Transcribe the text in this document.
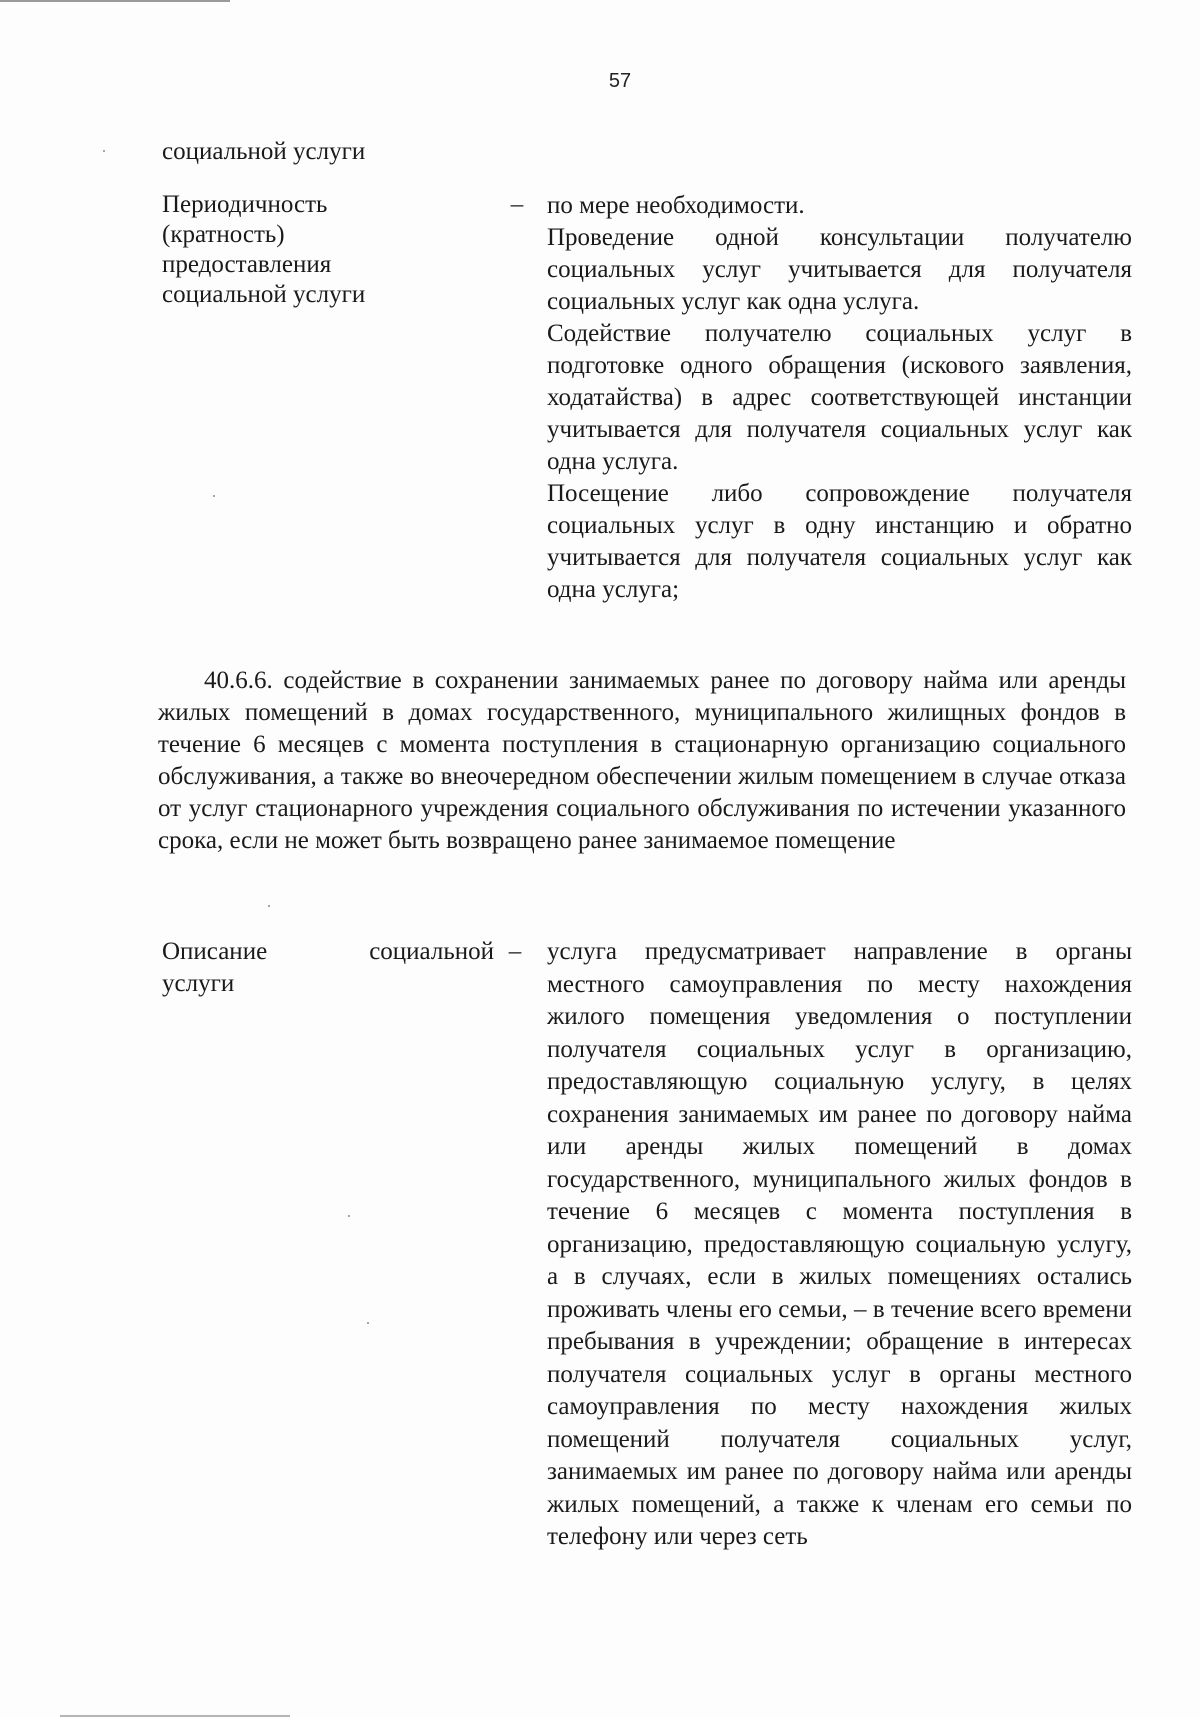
57
социальной услуги
Периодичность
(кратность)
предоставления
социальной услуги
– по мере необходимости.

Проведение одной консультации получателю социальных услуг учитывается для получателя социальных услуг как одна услуга.

Содействие получателю социальных услуг в подготовке одного обращения (искового заявления, ходатайства) в адрес соответствующей инстанции учитывается для получателя социальных услуг как одна услуга.

Посещение либо сопровождение получателя социальных услуг в одну инстанцию и обратно учитывается для получателя социальных услуг как одна услуга;

40.6.6. содействие в сохранении занимаемых ранее по договору найма или аренды жилых помещений в домах государственного, муниципального жилищных фондов в течение 6 месяцев с момента поступления в стационарную организацию социального обслуживания, а также во внеочередном обеспечении жилым помещением в случае отказа от услуг стационарного учреждения социального обслуживания по истечении указанного срока, если не может быть возвращено ранее занимаемое помещение
Описание	социальной
услуги
–	услуга предусматривает направление в органы местного самоуправления по месту нахождения жилого помещения уведомления о поступлении получателя социальных услуг в организацию, предоставляющую социальную услугу, в целях сохранения занимаемых им ранее по договору найма или аренды жилых помещений в домах государственного, муниципального жилых фондов в течение 6 месяцев с момента поступления в организацию, предоставляющую социальную услугу, а в случаях, если в жилых помещениях остались проживать члены его семьи, – в течение всего времени пребывания в учреждении; обращение в интересах получателя социальных услуг в органы местного самоуправления по месту нахождения жилых помещений получателя социальных услуг, занимаемых им ранее по договору найма или аренды жилых помещений, а также к членам его семьи по телефону или через сеть
